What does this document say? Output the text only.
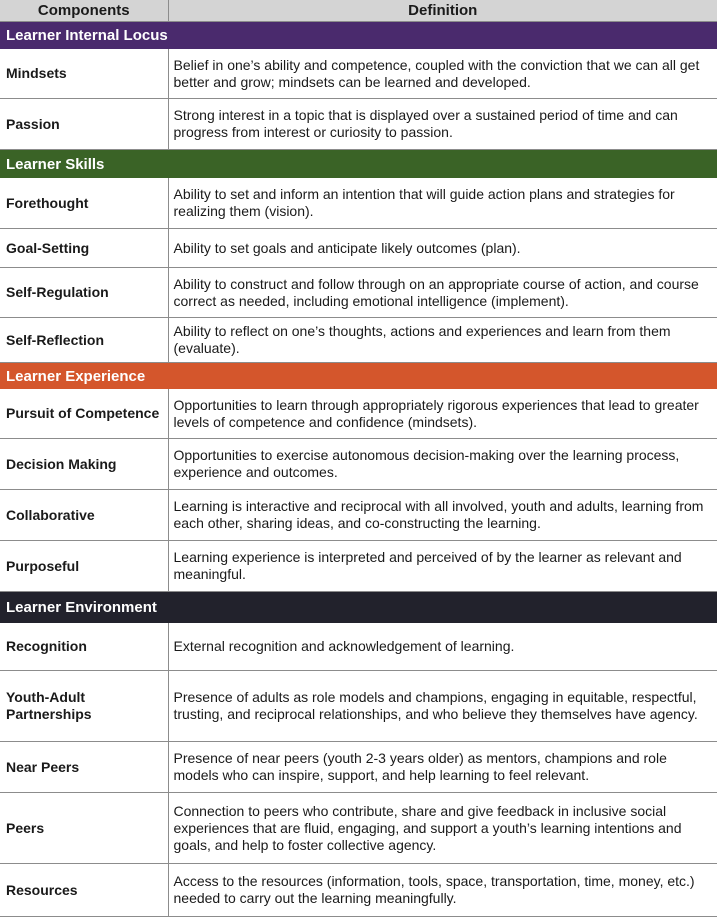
Components	Definition
Learner Internal Locus	
Mindsets	Belief in one’s ability and competence, coupled with the conviction that we can all get better and grow; mindsets can be learned and developed.
Passion	Strong interest in a topic that is displayed over a sustained period of time and can progress from interest or curiosity to passion.
Learner Skills	
Forethought	Ability to set and inform an intention that will guide action plans and strategies for realizing them (vision).
Goal-Setting	Ability to set goals and anticipate likely outcomes (plan).
Self-Regulation	Ability to construct and follow through on an appropriate course of action, and course correct as needed, including emotional intelligence (implement).
Self-Reflection	Ability to reflect on one’s thoughts, actions and experiences and learn from them (evaluate).
Learner Experience	
Pursuit of Competence	Opportunities to learn through appropriately rigorous experiences that lead to greater levels of competence and confidence (mindsets).
Decision Making	Opportunities to exercise autonomous decision-making over the learning process, experience and outcomes.
Collaborative	Learning is interactive and reciprocal with all involved, youth and adults, learning from each other, sharing ideas, and co-constructing the learning.
Purposeful	Learning experience is interpreted and perceived of by the learner as relevant and meaningful.
Learner Environment	
Recognition	External recognition and acknowledgement of learning.
Youth-Adult Partnerships	Presence of adults as role models and champions, engaging in equitable, respectful, trusting, and reciprocal relationships, and who believe they themselves have agency.
Near Peers	Presence of near peers (youth 2-3 years older) as mentors, champions and role models who can inspire, support, and help learning to feel relevant.
Peers	Connection to peers who contribute, share and give feedback in inclusive social experiences that are fluid, engaging, and support a youth’s learning intentions and goals, and help to foster collective agency.
Resources	Access to the resources (information, tools, space, transportation, time, money, etc.) needed to carry out the learning meaningfully.
